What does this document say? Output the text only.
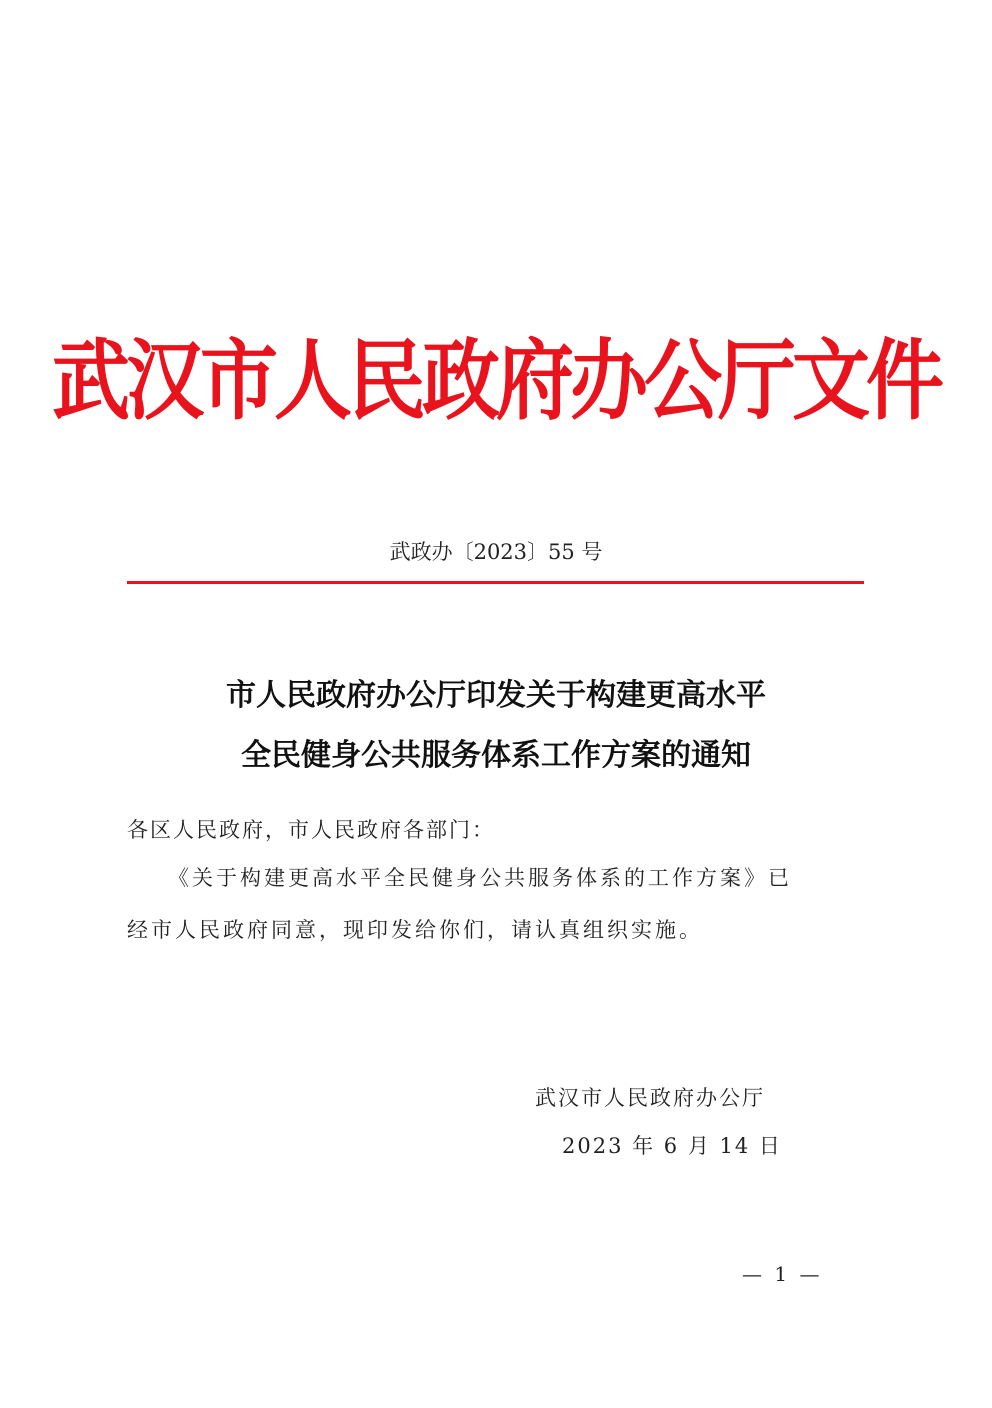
武汉市人民政府办公厅文件
武政办〔2023〕55 号
市人民政府办公厅印发关于构建更高水平
全民健身公共服务体系工作方案的通知
各区人民政府，市人民政府各部门：
《关于构建更高水平全民健身公共服务体系的工作方案》已
经市人民政府同意，现印发给你们，请认真组织实施。
武汉市人民政府办公厅
2023 年 6 月 14 日
— 1 —
